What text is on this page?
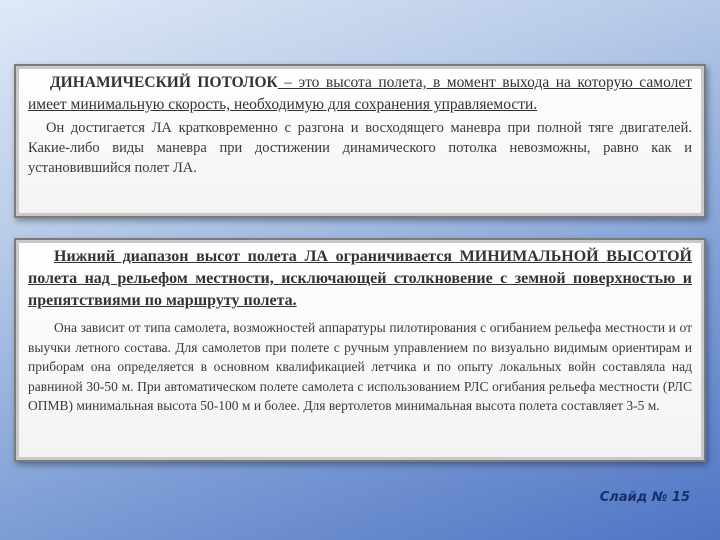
ДИНАМИЧЕСКИЙ ПОТОЛОК – это высота полета, в момент выхода на которую самолет имеет минимальную скорость, необходимую для сохранения управляемости.

Он достигается ЛА кратковременно с разгона и восходящего маневра при полной тяге двигателей. Какие-либо виды маневра при достижении динамического потолка невозможны, равно как и установившийся полет ЛА.

Нижний диапазон высот полета ЛА ограничивается МИНИМАЛЬНОЙ ВЫСОТОЙ полета над рельефом местности, исключающей столкновение с земной поверхностью и препятствиями по маршруту полета.

Она зависит от типа самолета, возможностей аппаратуры пилотирования с огибанием рельефа местности и от выучки летного состава. Для самолетов при полете с ручным управлением по визуально видимым ориентирам и приборам она определяется в основном квалификацией летчика и по опыту локальных войн составляла над равниной 30-50 м. При автоматическом полете самолета с использованием РЛС огибания рельефа местности (РЛС ОПМВ) минимальная высота 50-100 м и более. Для вертолетов минимальная высота полета составляет 3-5 м.

Слайд № 15
